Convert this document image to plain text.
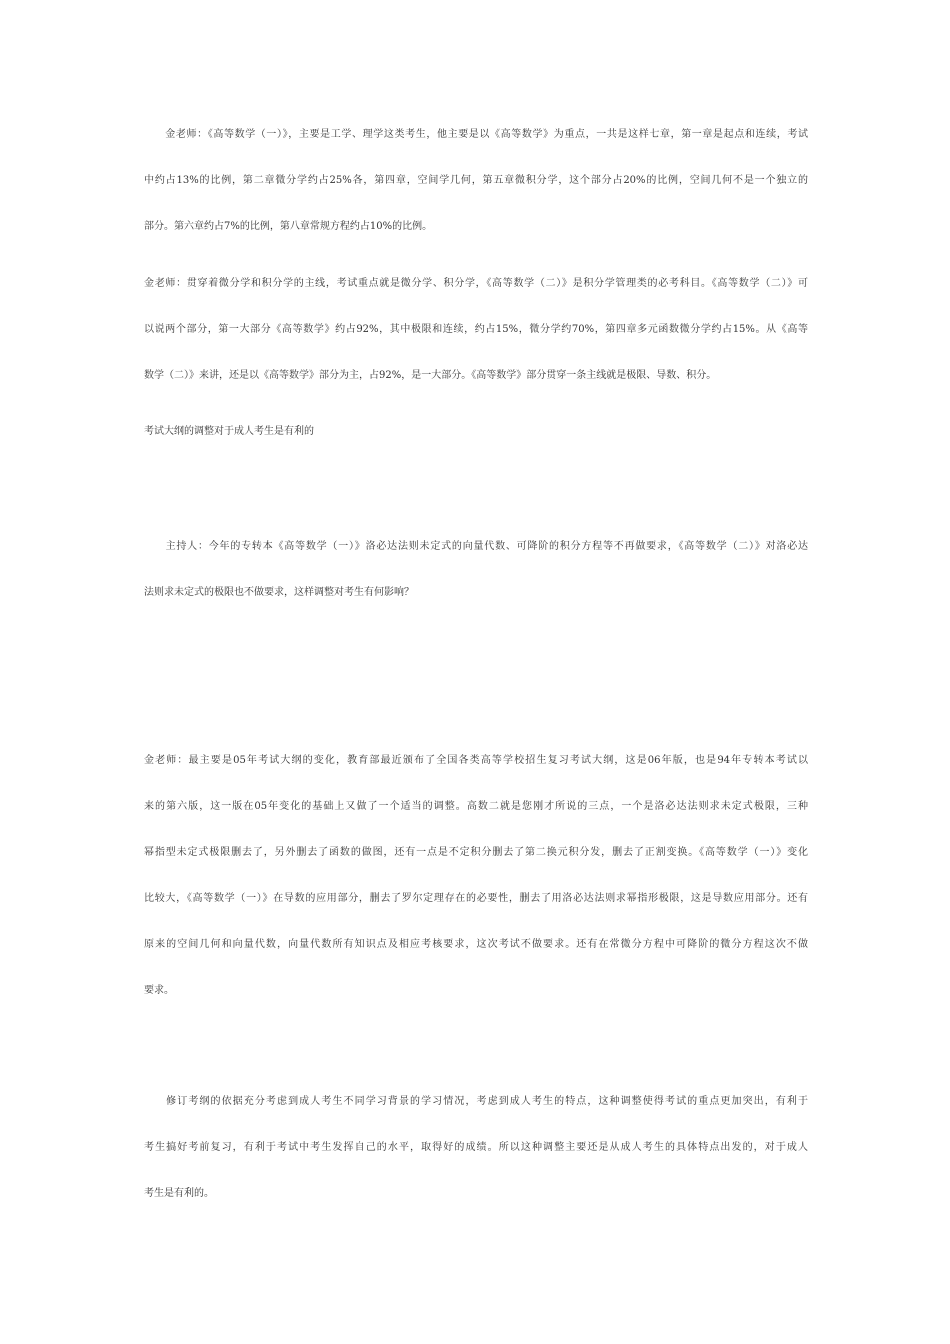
　　金老师：《高等数学（一）》，主要是工学、理学这类考生，他主要是以《高等数学》为重点，一共是这样七章，第一章是起点和连续，考试
中约占13%的比例，第二章微分学约占25%各，第四章，空间学几何，第五章微积分学，这个部分占20%的比例，空间几何不是一个独立的
部分。第六章约占7%的比例，第八章常规方程约占10%的比例。
金老师：贯穿着微分学和积分学的主线，考试重点就是微分学、积分学，《高等数学（二）》是积分学管理类的必考科目。《高等数学（二）》可
以说两个部分，第一大部分《高等数学》约占92%，其中极限和连续，约占15%，微分学约70%，第四章多元函数微分学约占15%。从《高等
数学（二）》来讲，还是以《高等数学》部分为主，占92%，是一大部分。《高等数学》部分贯穿一条主线就是极限、导数、积分。
考试大纲的调整对于成人考生是有利的
　　主持人：今年的专转本《高等数学（一）》洛必达法则未定式的向量代数、可降阶的积分方程等不再做要求，《高等数学（二）》对洛必达
法则求未定式的极限也不做要求，这样调整对考生有何影响？
金老师：最主要是05年考试大纲的变化，教育部最近颁布了全国各类高等学校招生复习考试大纲，这是06年版，也是94年专转本考试以
来的第六版，这一版在05年变化的基础上又做了一个适当的调整。高数二就是您刚才所说的三点，一个是洛必达法则求未定式极限，三种
幂指型未定式极限删去了，另外删去了函数的做图，还有一点是不定积分删去了第二换元积分发，删去了正割变换。《高等数学（一）》变化
比较大，《高等数学（一）》在导数的应用部分，删去了罗尔定理存在的必要性，删去了用洛必达法则求幂指形极限，这是导数应用部分。还有
原来的空间几何和向量代数，向量代数所有知识点及相应考核要求，这次考试不做要求。还有在常微分方程中可降阶的微分方程这次不做
要求。
　　修订考纲的依据充分考虑到成人考生不同学习背景的学习情况，考虑到成人考生的特点，这种调整使得考试的重点更加突出，有利于
考生搞好考前复习，有利于考试中考生发挥自己的水平，取得好的成绩。所以这种调整主要还是从成人考生的具体特点出发的，对于成人
考生是有利的。
